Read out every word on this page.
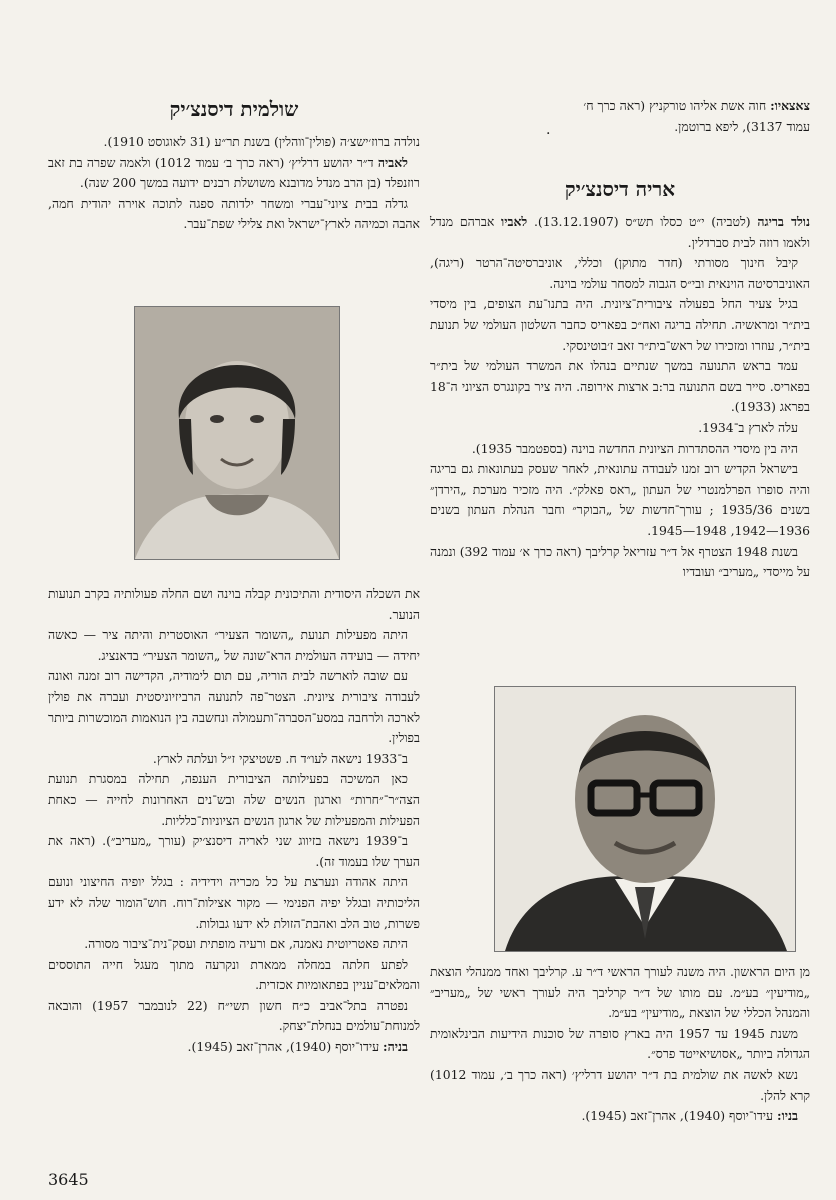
צאצאיו: חוה אשת אליהו טורקניץ (ראה כרך ח׳

עמוד 3137), ליפא ברוטמן.

.
אריה דיסנצ׳יק

נולד בריגה (לטביה) י״ט כסלו תש״ס (13.12.1907). לאביו אברהם מנדל ולאמו רוזה לבית סברדלין.

קיבל חינוך מסורתי (חדר מתוקן) וכללי, אוניברסיטה־הרטר (ריגה), האוניברסיטה הוינאית ובי״ס הגבוה למסחר עולמי בוינה.

בגיל צעיר החל בפעולה ציבורית־ציונית. היה בתנו־עת הצופים, בין מיסדי בית״ר ומראשיה. תחילה בריגה ואח״כ בפאריס כחבר השלטון העולמי של תנועת בית״ר, עוזרו ומזכירו של ראש־בית״ר זאב ז׳בוטינסקי.

עמד בראש התנועה במשך שנתיים בנהלו את המשרד העולמי של בית״ר בפאריס. סייר בשם התנועה בר:ב ארצות אירופה. היה ציר בקונגרס הציוני ה־18 בפראג (1933).

עלה לארץ ב־1934.

היה בין מיסדי ההסתדרות הציונית החדשה בוינה (בספטמבר 1935).

בישראל הקדיש רוב זמנו לעבודה עתונאית, לאחר שעסק בעתונאות גם בריגה והיה סופרו הפרלמנטרי של העתון „ראס פאלק״. היה מזכיר מערכת „הירדן״ בשנים 1935/36 ; עורך־חדשות של „הבוקר״ וחבר הנהלת העתון בשנים 1936—1942, 1948—1945.

בשנת 1948 הצטרף אל ד״ר עזריאל קרליבך (ראה כרך א׳ עמוד 392) ונמנה על מייסדי „מעריב״ ועובדיו

מן היום הראשון. היה משנה לעורך הראשי ד״ר ע. קרליבך ואחד ממנהלי הוצאת „מודיעין״ בע״מ. עם מותו של ד״ר קרליבך היה לעורך ראשי של „מעריב״ והמנהל הכללי של הוצאת „מודיעין״ בע״מ.

משנת 1945 עד 1957 היה בארץ סופרה של סוכנות הידיעות הבינלאומית הגדולה ביותר „אסושיאייטד פרס״.

נשא לאשה את שולמית בת ד״ר יהושע דרליץ׳ (ראה כרך ב׳, עמוד 1012) קרא להלן.

בניו: עידו־יוסף (1940), אהרן־זאב (1945).

שולמית דיסנצ׳יק

נולדה ברוז׳ישצ׳ה (פולין־ווהלין) בשנת תר״ע (31 לאוגוסט 1910).

לאביה ד״ר יהושע דרליץ׳ (ראה כרך ב׳ עמוד 1012) ולאמה שפרה בת זאב רוזנפלד (בן הרב מנדל מדובנא משושלת רבנים ידועה במשך 200 שנה).

גדלה בבית ציוני־עברי ומשחר ילדותה ספגה לתוכה אוירה יהודית חמה, אהבה וכמיהה לארץ־ישראל ואת צלילי שפת־עבר.

את השכלה היסודית והתיכונית קבלה בוינה ושם החלה פעולותיה בקרב תנועות הנוער.

היתה מפעילות תנועת „השומר הצעיר״ האוסטרית והיתה ציר — כאשה יחידה — בועידה העולמית הרא־שונה של „השומר הצעיר״ בדאנציג.

עם שובה לוארשה לבית הוריה, עם תום לימודיה, הקדישה רוב זמנה ואונה לעבודה ציבורית ציונית. הצטר־פה לתנועה הרביזיוניסטית ועברה את פולין לארכה ולרחבה במסע־הסברה־ותעמולה ונחשבה בין הנואמות המוכשרות ביותר בפולין.

ב־1933 נישאה לעו״ד ח. פשטיצקי ז״ל ועלתה לארץ.

כאן המשיכה בפעילותה הציבורית הענפה, תחילה במסגרת תנועת הצה״ר־״חרות״ וארגון הנשים שלה ובש־נים האחרונות לחייה — כאחת הפעילות והמפעילות של ארגון הנשים הציוניות־כלליות.

ב־1939 נישאה בזיווג שני לאריה דיסנצ׳יק (עורך „מעריב״). (ראה את הערך שלו בעמוד זה).

היתה אהודה ונערצת על כל מכריה וידידיה : בגלל יופיה החיצוני ונועם הליכותיה ובגלל יפיה הפנימי — מקור אצילות־רוח. חוש־הומור שלה לא ידע פשרות, טוב הלב ואהבת־הזולת לא ידעו גבולות.

היתה פאטריוטית נאמנה, אם ורעיה מופתית ועסק־נית־ציבור מסורה.

לפתע חלתה במחלה ממארת ונקרעה מתוך מעגל חייה התוססים והמלאים־עניין בפתאומיות אכזרית.

נפטרה בתל־אביב כ״ח חשון תשי״ח (22 לנובמבר 1957) והובאה למנוחת־עולמים בנחלת־יצחק.

בניה: עידו־יוסף (1940), אהרן־זאב (1945).

3645
